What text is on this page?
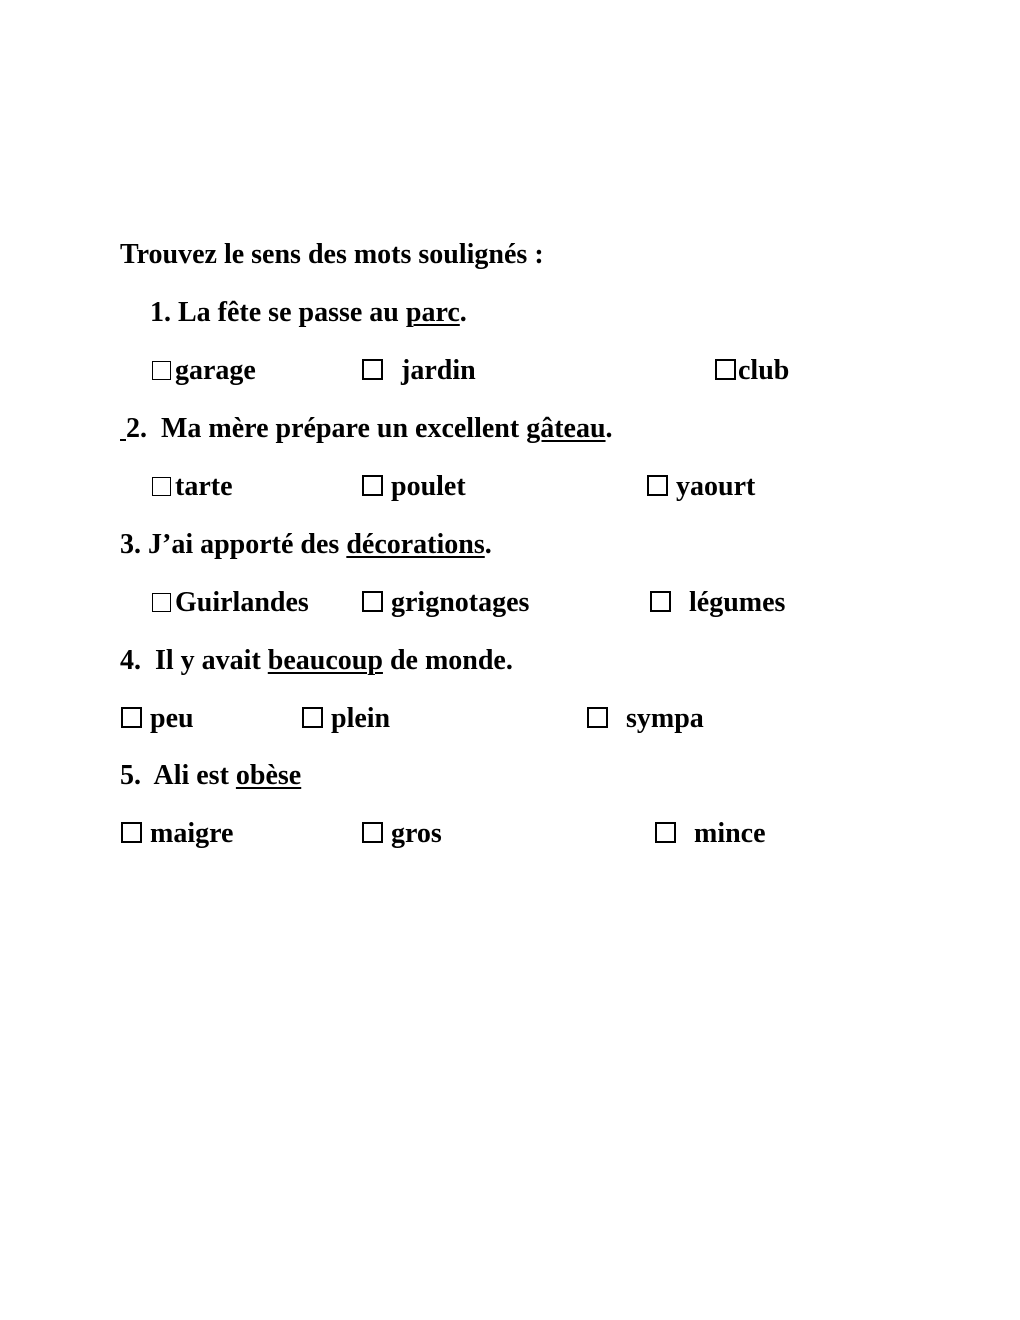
Trouvez le sens des mots soulignés :
1. La fête se passe au parc.
garage	jardin	club
2. Ma mère prépare un excellent gâteau.
tarte	poulet	yaourt
3. J’ai apporté des décorations.
Guirlandes	grignotages	légumes
4. Il y avait beaucoup de monde.
peu	plein	sympa
5. Ali est obèse
maigre	gros	mince
